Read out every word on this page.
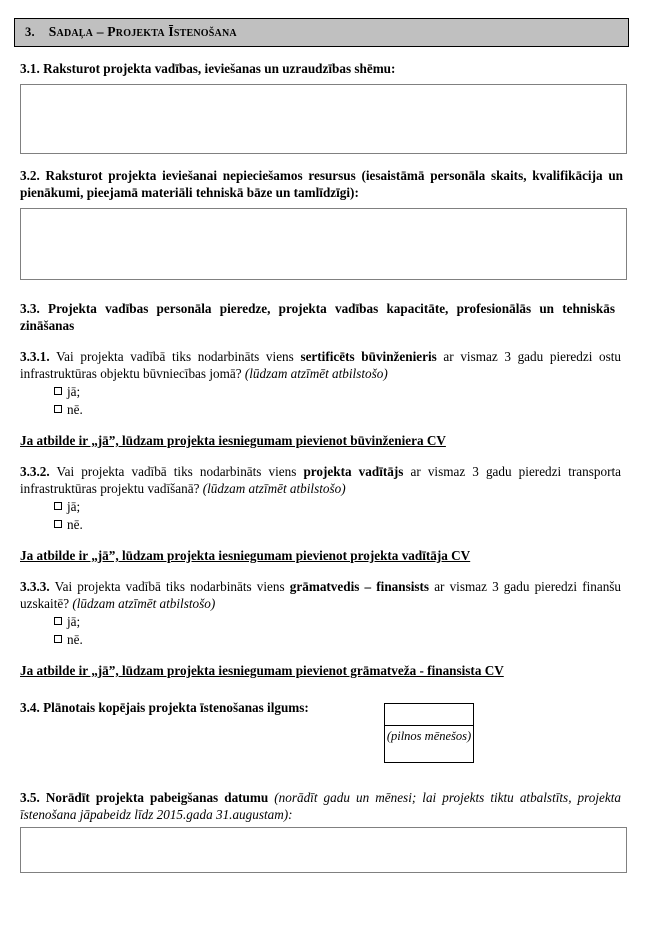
3. Sadaļa – Projekta Īstenošana
3.1. Raksturot projekta vadības, ieviešanas un uzraudzības shēmu:
3.2. Raksturot projekta ieviešanai nepieciešamos resursus (iesaistāmā personāla skaits, kvalifikācija un pienākumi, pieejamā materiāli tehniskā bāze un tamlīdzīgi):
3.3. Projekta vadības personāla pieredze, projekta vadības kapacitāte, profesionālās un tehniskās zināšanas
3.3.1. Vai projekta vadībā tiks nodarbināts viens sertificēts būvinženieris ar vismaz 3 gadu pieredzi ostu infrastruktūras objektu būvniecības jomā? (lūdzam atzīmēt atbilstošo)
jā;
nē.
Ja atbilde ir „jā”, lūdzam projekta iesniegumam pievienot būvinženiera CV
3.3.2. Vai projekta vadībā tiks nodarbināts viens projekta vadītājs ar vismaz 3 gadu pieredzi transporta infrastruktūras projektu vadīšanā? (lūdzam atzīmēt atbilstošo)
jā;
nē.
Ja atbilde ir „jā”, lūdzam projekta iesniegumam pievienot projekta vadītāja CV
3.3.3. Vai projekta vadībā tiks nodarbināts viens grāmatvedis – finansists ar vismaz 3 gadu pieredzi finanšu uzskaitē? (lūdzam atzīmēt atbilstošo)
jā;
nē.
Ja atbilde ir „jā”, lūdzam projekta iesniegumam pievienot grāmatveža - finansista CV
3.4. Plānotais kopējais projekta īstenošanas ilgums:
(pilnos mēnešos)
3.5. Norādīt projekta pabeigšanas datumu (norādīt gadu un mēnesi; lai projekts tiktu atbalstīts, projekta īstenošana jāpabeidz līdz 2015.gada 31.augustam):
